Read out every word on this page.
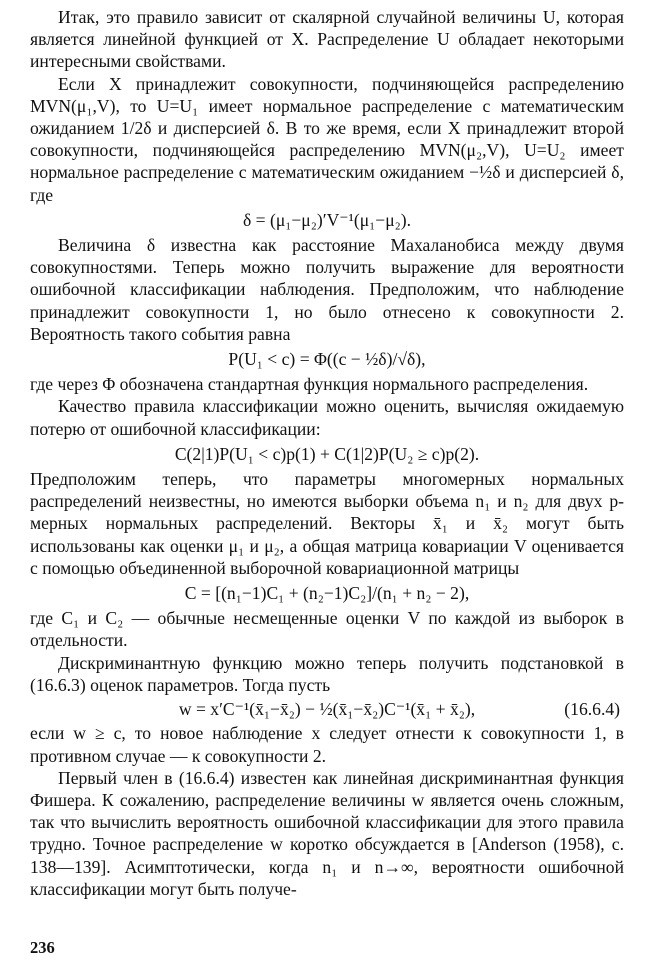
Итак, это правило зависит от скалярной случайной величины U, которая является линейной функцией от X. Распределение U обладает некоторыми интересными свойствами.

Если X принадлежит совокупности, подчиняющейся распределению MVN(μ₁,V), то U=U₁ имеет нормальное распределение с математическим ожиданием 1/2δ и дисперсией δ. В то же время, если X принадлежит второй совокупности, подчиняющейся распределению MVN(μ₂,V), U=U₂ имеет нормальное распределение с математическим ожиданием −½δ и дисперсией δ, где

δ = (μ₁−μ₂)′V⁻¹(μ₁−μ₂).

Величина δ известна как расстояние Махаланобиса между двумя совокупностями. Теперь можно получить выражение для вероятности ошибочной классификации наблюдения. Предположим, что наблюдение принадлежит совокупности 1, но было отнесено к совокупности 2. Вероятность такого события равна

P(U₁ < c) = Φ((c − ½δ)/√δ),

где через Φ обозначена стандартная функция нормального распределения.

Качество правила классификации можно оценить, вычисляя ожидаемую потерю от ошибочной классификации:

C(2|1)P(U₁ < c)p(1) + C(1|2)P(U₂ ≥ c)p(2).

Предположим теперь, что параметры многомерных нормальных распределений неизвестны, но имеются выборки объема n₁ и n₂ для двух p-мерных нормальных распределений. Векторы x̄₁ и x̄₂ могут быть использованы как оценки μ₁ и μ₂, а общая матрица ковариации V оценивается с помощью объединенной выборочной ковариационной матрицы

C = [(n₁−1)C₁ + (n₂−1)C₂]/(n₁ + n₂ − 2),

где C₁ и C₂ — обычные несмещенные оценки V по каждой из выборок в отдельности.

Дискриминантную функцию можно теперь получить подстановкой в (16.6.3) оценок параметров. Тогда пусть

w = x′C⁻¹(x̄₁−x̄₂) − ½(x̄₁−x̄₂)C⁻¹(x̄₁ + x̄₂),	(16.6.4)

если w ≥ c, то новое наблюдение x следует отнести к совокупности 1, в противном случае — к совокупности 2.

Первый член в (16.6.4) известен как линейная дискриминантная функция Фишера. К сожалению, распределение величины w является очень сложным, так что вычислить вероятность ошибочной классификации для этого правила трудно. Точное распределение w коротко обсуждается в [Anderson (1958), с. 138—139]. Асимптотически, когда n₁ и n→∞, вероятности ошибочной классификации могут быть получе-

236
